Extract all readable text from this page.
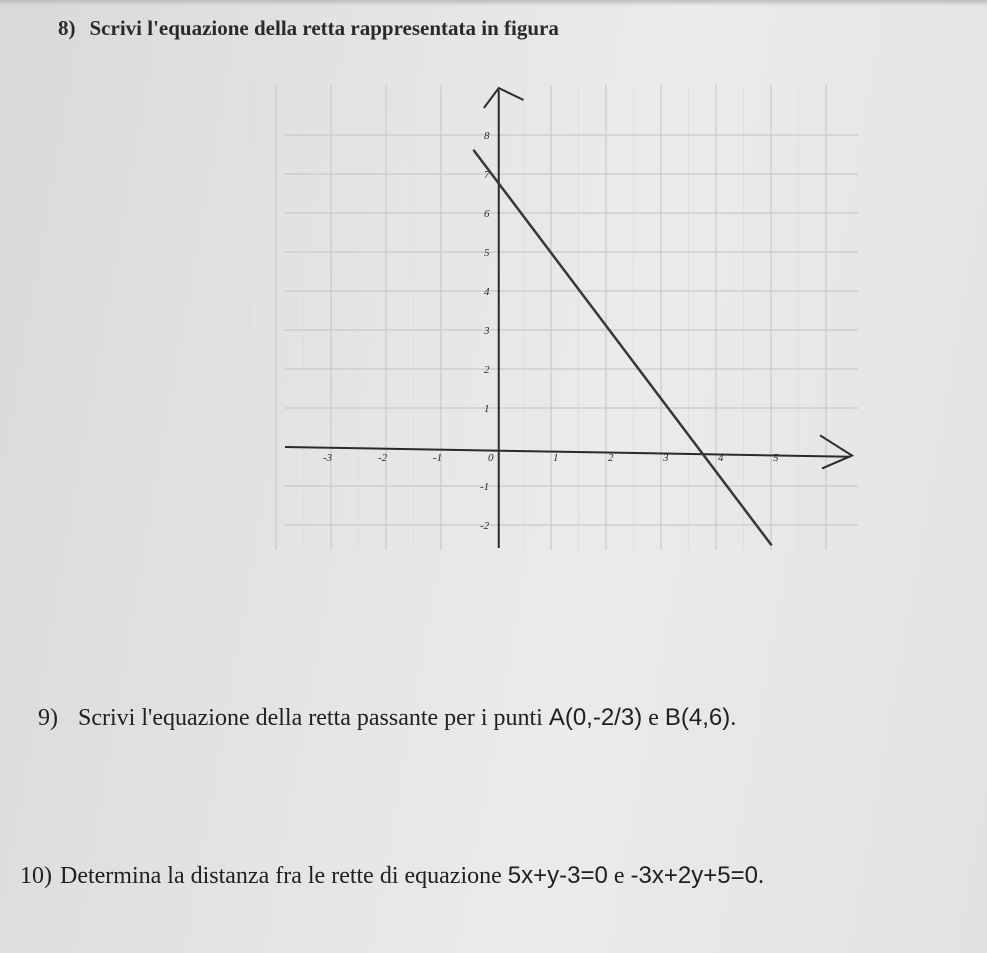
8) Scrivi l'equazione della retta rappresentata in figura
-3	-2	-1	0	1	2	3	4	5
-2
-1
1
2
3
4
5
6
7
8
9) Scrivi l'equazione della retta passante per i punti A(0,-2/3) e B(4,6).
10) Determina la distanza fra le rette di equazione 5x+y-3=0 e -3x+2y+5=0.
